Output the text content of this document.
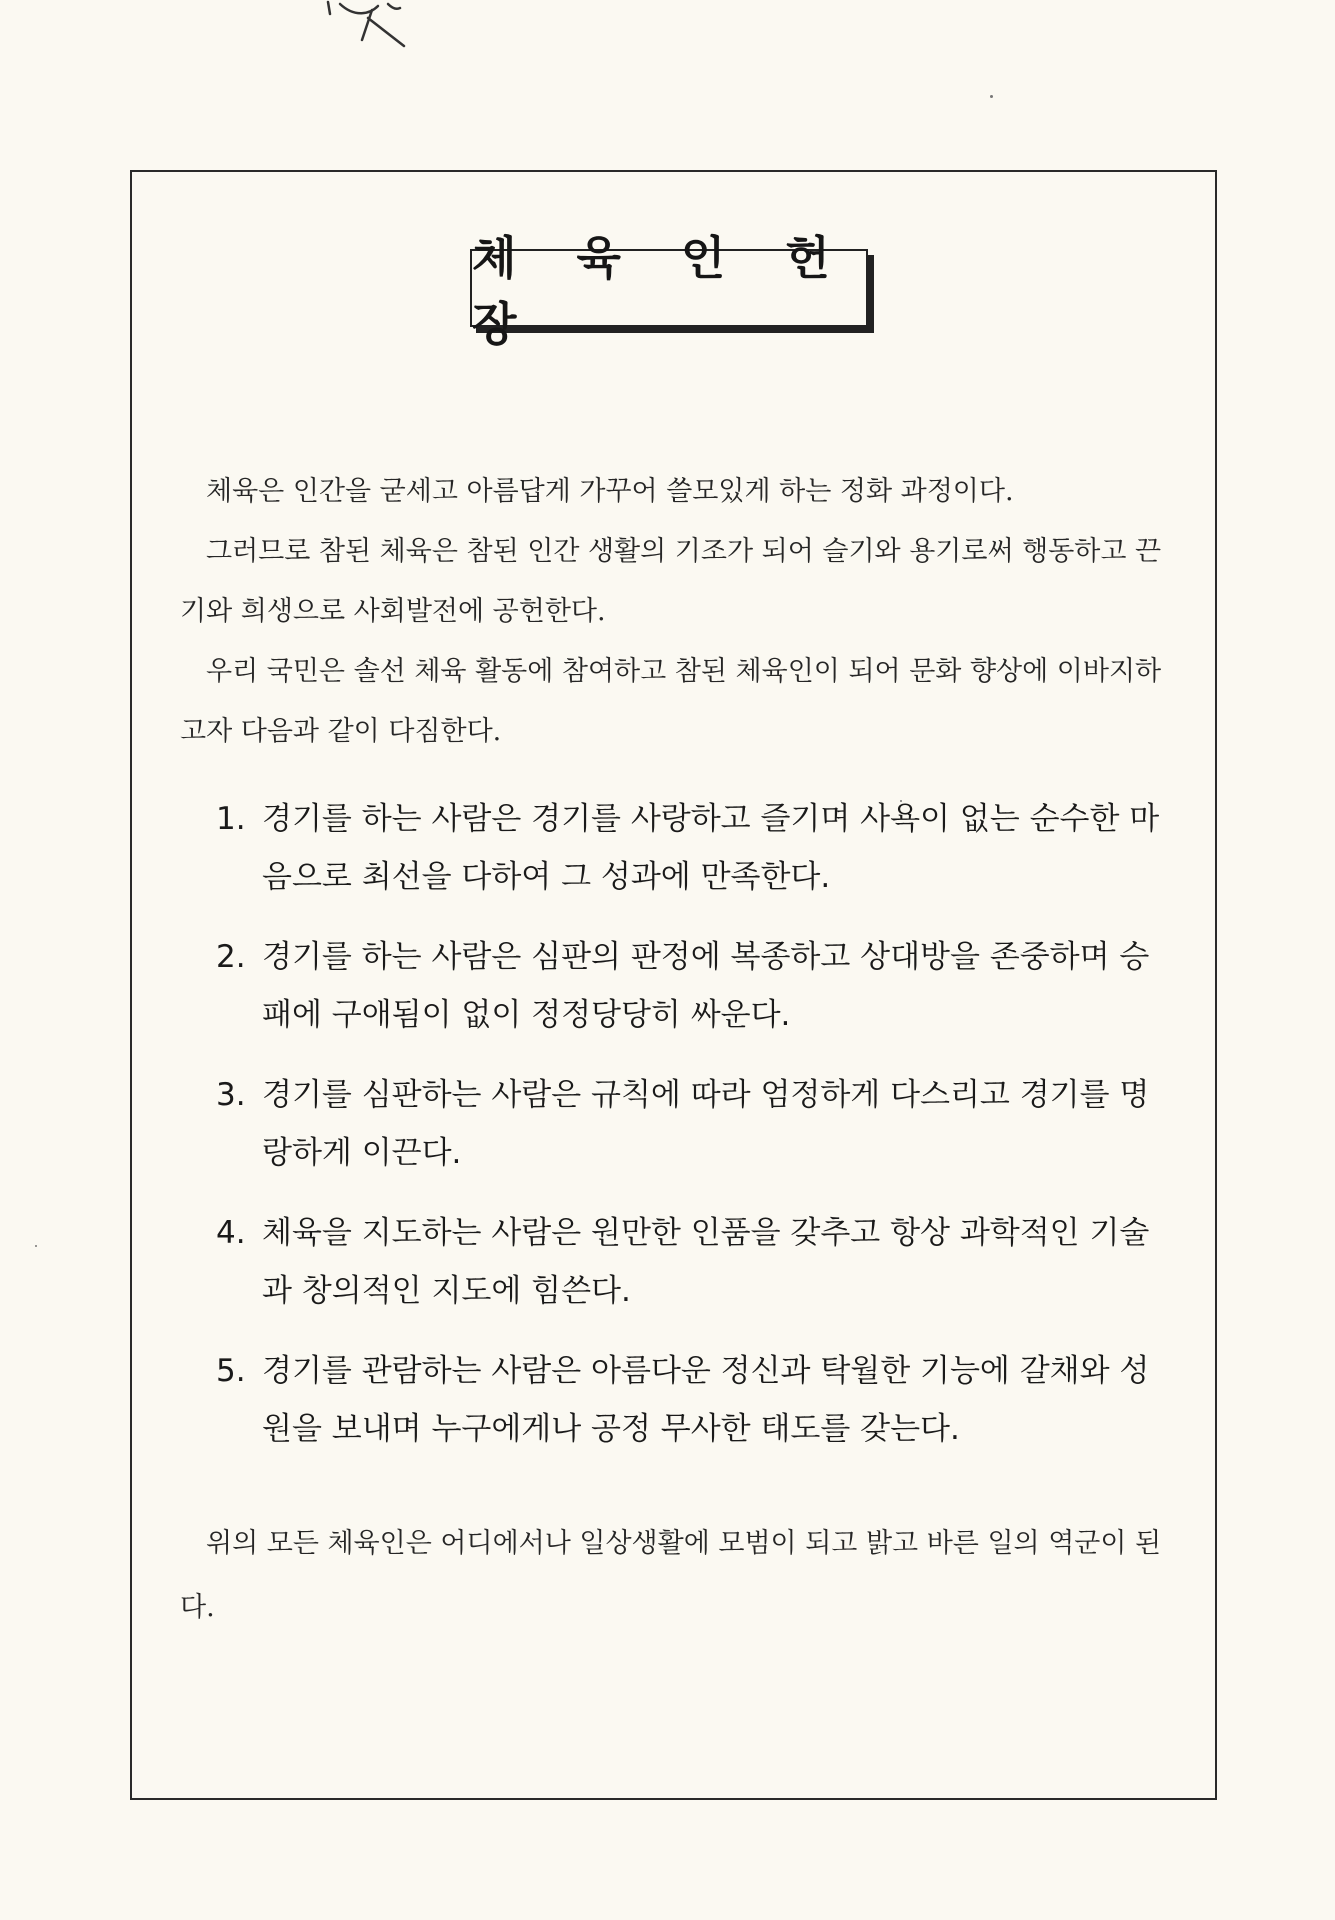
체 육 인 헌 장

체육은 인간을 굳세고 아름답게 가꾸어 쓸모있게 하는 정화 과정이다.

그러므로 참된 체육은 참된 인간 생활의 기조가 되어 슬기와 용기로써 행동하고 끈기와 희생으로 사회발전에 공헌한다.

우리 국민은 솔선 체육 활동에 참여하고 참된 체육인이 되어 문화 향상에 이바지하고자 다음과 같이 다짐한다.

1. 경기를 하는 사람은 경기를 사랑하고 즐기며 사욕이 없는 순수한 마음으로 최선을 다하여 그 성과에 만족한다.
2. 경기를 하는 사람은 심판의 판정에 복종하고 상대방을 존중하며 승패에 구애됨이 없이 정정당당히 싸운다.
3. 경기를 심판하는 사람은 규칙에 따라 엄정하게 다스리고 경기를 명랑하게 이끈다.
4. 체육을 지도하는 사람은 원만한 인품을 갖추고 항상 과학적인 기술과 창의적인 지도에 힘쓴다.
5. 경기를 관람하는 사람은 아름다운 정신과 탁월한 기능에 갈채와 성원을 보내며 누구에게나 공정 무사한 태도를 갖는다.

위의 모든 체육인은 어디에서나 일상생활에 모범이 되고 밝고 바른 일의 역군이 된다.
